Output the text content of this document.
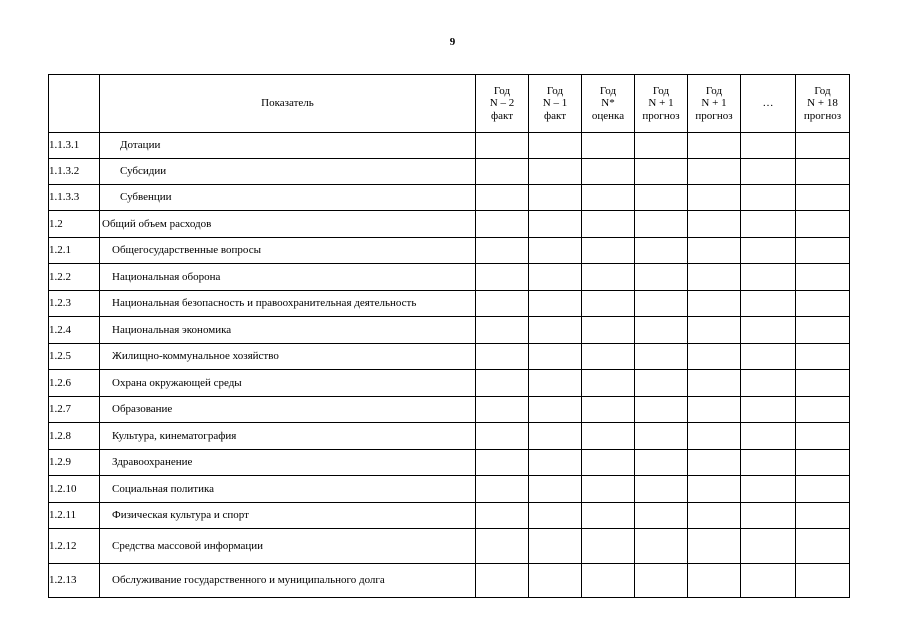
9
	Показатель	Год
N – 2
факт	Год
N – 1
факт	Год
N*
оценка	Год
N + 1
прогноз	Год
N + 1
прогноз	…	Год
N + 18
прогноз
1.1.3.1	Дотации							
1.1.3.2	Субсидии							
1.1.3.3	Субвенции							
1.2	Общий объем расходов							
1.2.1	Общегосударственные вопросы							
1.2.2	Национальная оборона							
1.2.3	Национальная безопасность и правоохранительная деятельность							
1.2.4	Национальная экономика							
1.2.5	Жилищно-коммунальное хозяйство							
1.2.6	Охрана окружающей среды							
1.2.7	Образование							
1.2.8	Культура, кинематография							
1.2.9	Здравоохранение							
1.2.10	Социальная политика							
1.2.11	Физическая культура и спорт							
1.2.12	Средства массовой информации							
1.2.13	Обслуживание государственного и муниципального долга							
